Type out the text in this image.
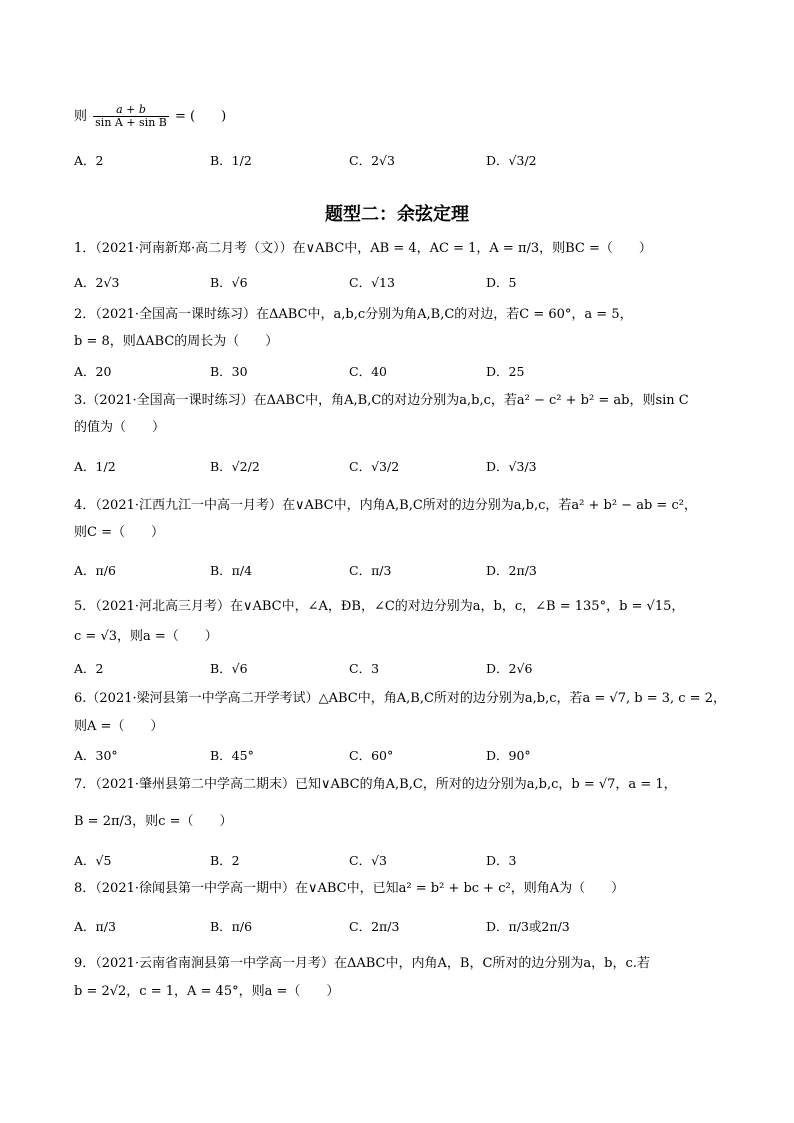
则 $\frac{a + b}{\text{sin A + sin B}}$ = (　　)
A．2	B．1/2	C．2√3	D．√3/2
题型二：余弦定理
1．（2021·河南新郑·高二月考（文））在∨ABC中，AB = 4，AC = 1，A = π/3，则BC =（　　）
A．2√3	B．√6	C．√13	D．5
2．（2021·全国高一课时练习）在ΔABC中，a,b,c分别为角A,B,C的对边，若C = 60°，a = 5，
b = 8，则ΔABC的周长为（　　）
A．20	B．30	C．40	D．25
3.（2021·全国高一课时练习）在ΔABC中，角A,B,C的对边分别为a,b,c，若a² − c² + b² = ab，则sin C
的值为（　　）
A．1/2	B．√2/2	C．√3/2	D．√3/3
4．（2021·江西九江一中高一月考）在∨ABC中，内角A,B,C所对的边分别为a,b,c，若a² + b² − ab = c²，
则C =（　　）
A．π/6	B．π/4	C．π/3	D．2π/3
5．（2021·河北高三月考）在∨ABC中，∠A，ÐB，∠C的对边分别为a，b，c，∠B = 135°，b = √15，
c = √3，则a =（　　）
A．2	B．√6	C．3	D．2√6
6.（2021·梁河县第一中学高二开学考试）△ABC中，角A,B,C所对的边分别为a,b,c，若a = √7, b = 3, c = 2，
则A =（　　）
A．30°	B．45°	C．60°	D．90°
7．（2021·肇州县第二中学高二期末）已知∨ABC的角A,B,C，所对的边分别为a,b,c，b = √7，a = 1，
B = 2π/3，则c =（　　）
A．√5	B．2	C．√3	D．3
8．（2021·徐闻县第一中学高一期中）在∨ABC中，已知a² = b² + bc + c²，则角A为（　　）
A．π/3	B．π/6	C．2π/3	D．π/3或2π/3
9．（2021·云南省南涧县第一中学高一月考）在ΔABC中，内角A，B，C所对的边分别为a，b，c.若
b = 2√2，c = 1，A = 45°，则a =（　　）
